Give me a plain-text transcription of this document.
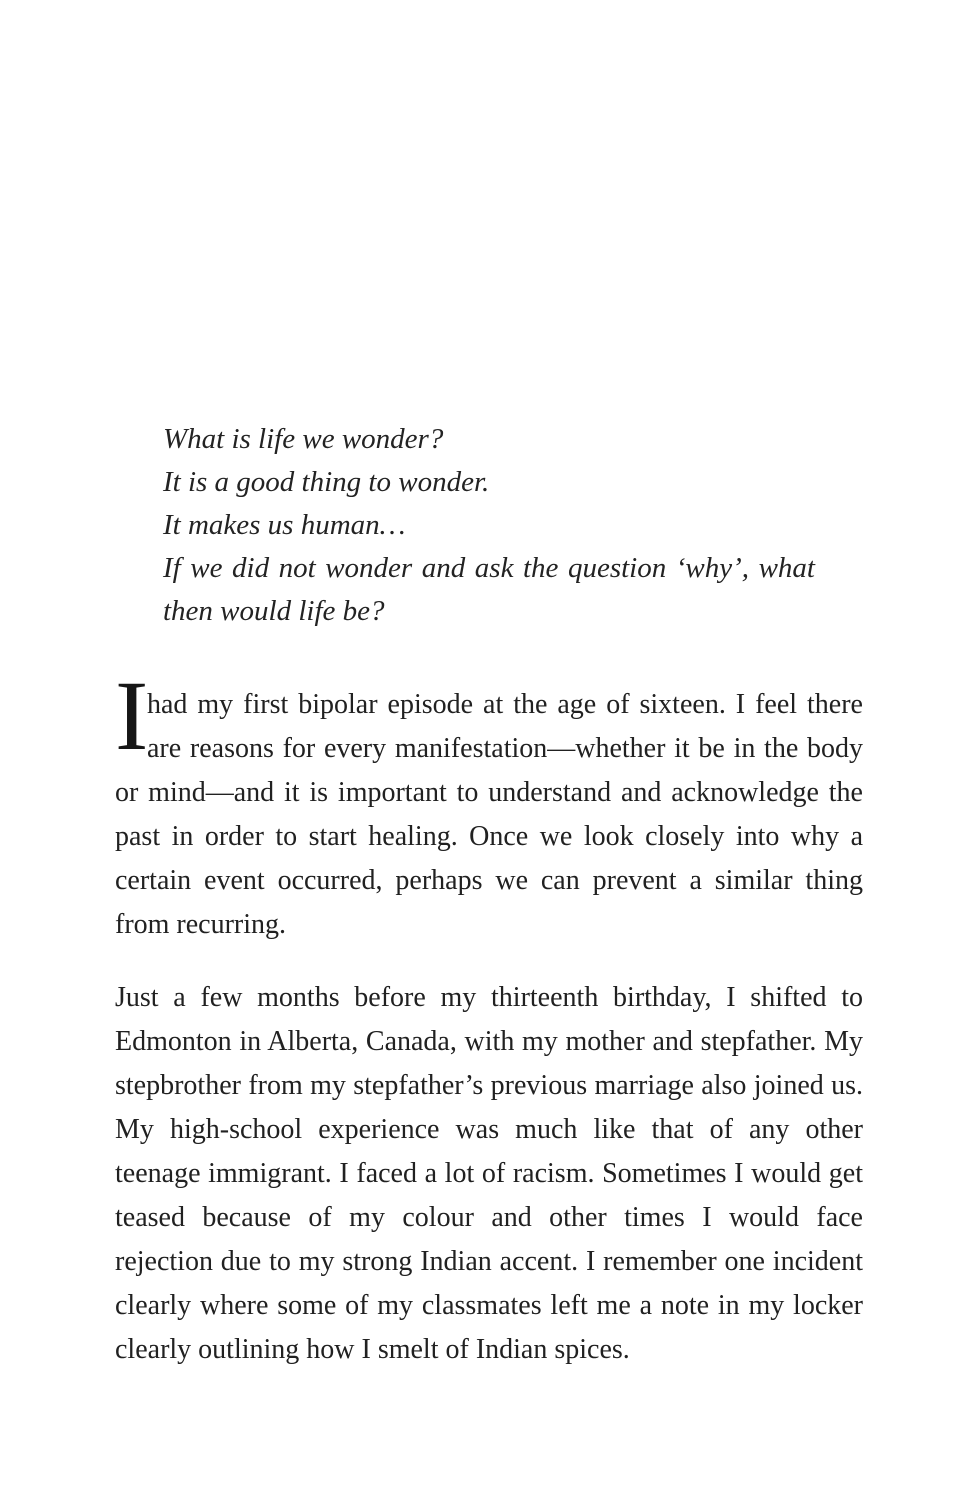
What is life we wonder?
It is a good thing to wonder.
It makes us human…
If we did not wonder and ask the question ‘why’, what
then would life be?

I
had my first bipolar episode at the age of sixteen. I feel there are reasons for every manifestation—whether it be in the body or mind—and it is important to understand and acknowledge the past in order to start healing. Once we look closely into why a certain event occurred, perhaps we can prevent a similar thing from recurring.

Just a few months before my thirteenth birthday, I shifted to Edmonton in Alberta, Canada, with my mother and stepfather. My stepbrother from my stepfather’s previous marriage also joined us. My high-school experience was much like that of any other teenage immigrant. I faced a lot of racism. Sometimes I would get teased because of my colour and other times I would face rejection due to my strong Indian accent. I remember one incident clearly where some of my classmates left me a note in my locker clearly outlining how I smelt of Indian spices.
